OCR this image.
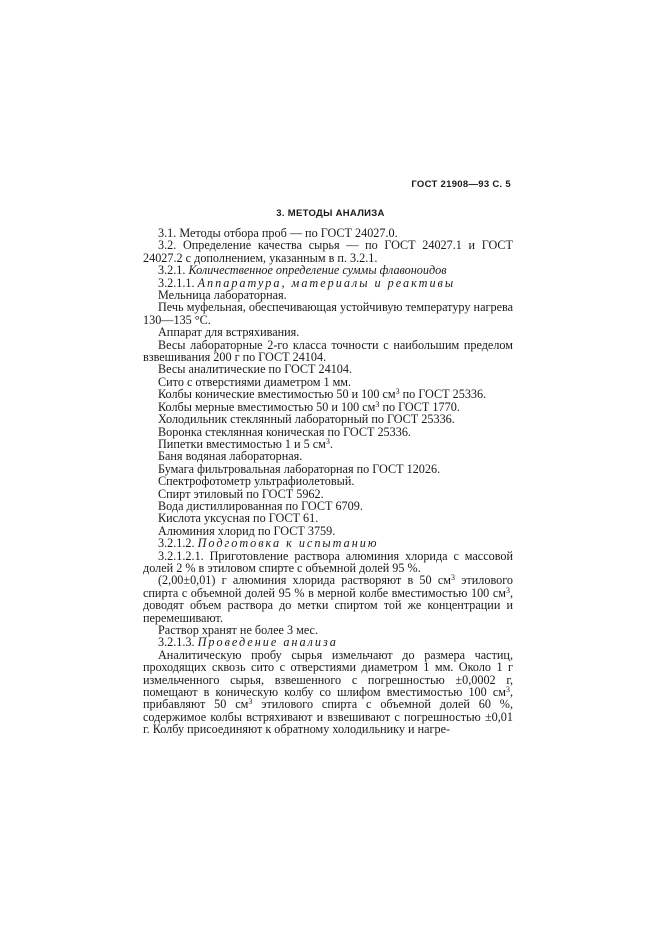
ГОСТ 21908—93 С. 5
3. МЕТОДЫ АНАЛИЗА

3.1. Методы отбора проб — по ГОСТ 24027.0.

3.2. Определение качества сырья — по ГОСТ 24027.1 и ГОСТ 24027.2 с дополнением, указанным в п. 3.2.1.

3.2.1. Количественное определение суммы флавоноидов

3.2.1.1. Аппаратура, материалы и реактивы

Мельница лабораторная.

Печь муфельная, обеспечивающая устойчивую температуру нагрева 130—135 °С.

Аппарат для встряхивания.

Весы лабораторные 2-го класса точности с наибольшим пределом взвешивания 200 г по ГОСТ 24104.

Весы аналитические по ГОСТ 24104.

Сито с отверстиями диаметром 1 мм.

Колбы конические вместимостью 50 и 100 $см^3$ по ГОСТ 25336.

Колбы мерные вместимостью 50 и 100 $см^3$ по ГОСТ 1770.

Холодильник стеклянный лабораторный по ГОСТ 25336.

Воронка стеклянная коническая по ГОСТ 25336.

Пипетки вместимостью 1 и 5 $см^3$.

Баня водяная лабораторная.

Бумага фильтровальная лабораторная по ГОСТ 12026.

Спектрофотометр ультрафиолетовый.

Спирт этиловый по ГОСТ 5962.

Вода дистиллированная по ГОСТ 6709.

Кислота уксусная по ГОСТ 61.

Алюминия хлорид по ГОСТ 3759.

3.2.1.2. Подготовка к испытанию

3.2.1.2.1. Приготовление раствора алюминия хлорида с массовой долей 2 % в этиловом спирте с объемной долей 95 %.

(2,00±0,01) г алюминия хлорида растворяют в 50 $см^3$ этилового спирта с объемной долей 95 % в мерной колбе вместимостью 100 $см^3$, доводят объем раствора до метки спиртом той же концентрации и перемешивают.

Раствор хранят не более 3 мес.

3.2.1.3. Проведение анализа

Аналитическую пробу сырья измельчают до размера частиц, проходящих сквозь сито с отверстиями диаметром 1 мм. Около 1 г измельченного сырья, взвешенного с погрешностью ±0,0002 г, помещают в коническую колбу со шлифом вместимостью 100 $см^3$, прибавляют 50 $см^3$ этилового спирта с объемной долей 60 %, содержимое колбы встряхивают и взвешивают с погрешностью ±0,01 г. Колбу присоединяют к обратному холодильнику и нагре-
